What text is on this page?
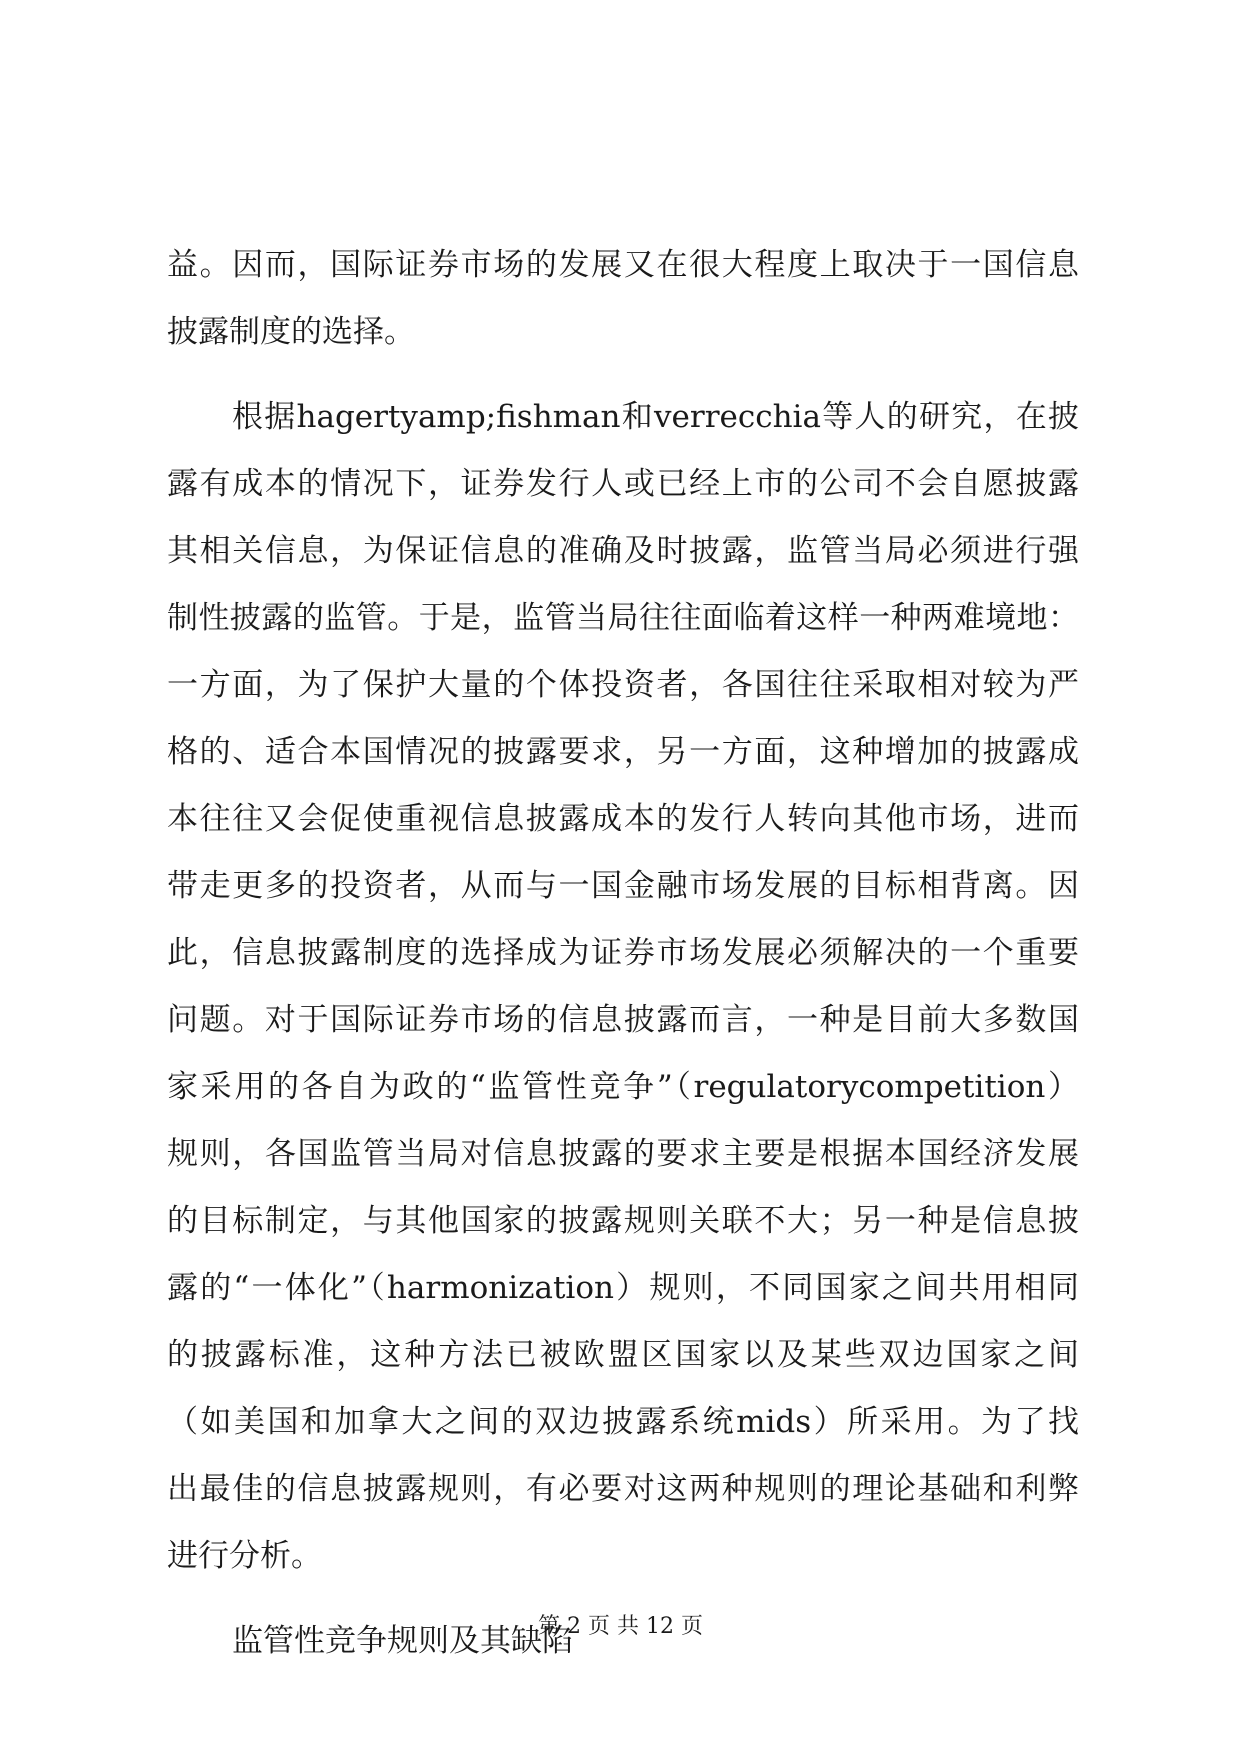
益。因而，国际证券市场的发展又在很大程度上取决于一国信息
披露制度的选择。
根据hagertyamp;fishman和verrecchia等人的研究，在披
露有成本的情况下，证券发行人或已经上市的公司不会自愿披露
其相关信息，为保证信息的准确及时披露，监管当局必须进行强
制性披露的监管。于是，监管当局往往面临着这样一种两难境地：
一方面，为了保护大量的个体投资者，各国往往采取相对较为严
格的、适合本国情况的披露要求，另一方面，这种增加的披露成
本往往又会促使重视信息披露成本的发行人转向其他市场，进而
带走更多的投资者，从而与一国金融市场发展的目标相背离。因
此，信息披露制度的选择成为证券市场发展必须解决的一个重要
问题。对于国际证券市场的信息披露而言，一种是目前大多数国
家采用的各自为政的“监管性竞争”（regulatorycompetition）
规则，各国监管当局对信息披露的要求主要是根据本国经济发展
的目标制定，与其他国家的披露规则关联不大；另一种是信息披
露的“一体化”（harmonization）规则，不同国家之间共用相同
的披露标准，这种方法已被欧盟区国家以及某些双边国家之间
（如美国和加拿大之间的双边披露系统mids）所采用。为了找
出最佳的信息披露规则，有必要对这两种规则的理论基础和利弊
进行分析。
监管性竞争规则及其缺陷
第 2 页 共 12 页
